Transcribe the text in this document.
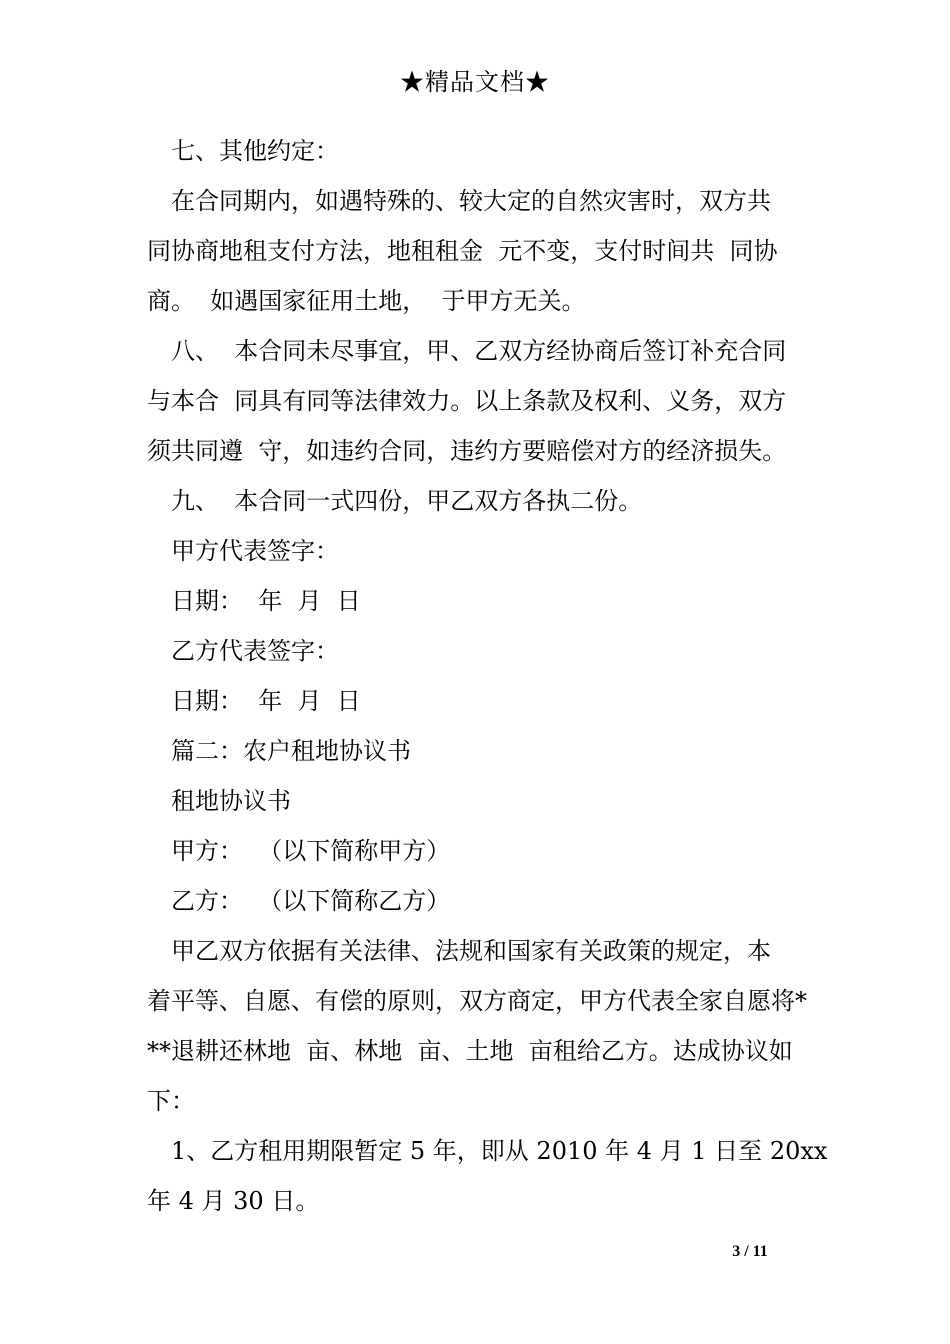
★精品文档★
七、其他约定：
在合同期内，如遇特殊的、较大定的自然灾害时，双方共
同协商地租支付方法，地租租金  元不变，支付时间共  同协
商。  如遇国家征用土地，  于甲方无关。
八、  本合同未尽事宜，甲、乙双方经协商后签订补充合同
与本合  同具有同等法律效力。以上条款及权利、义务，双方
须共同遵  守，如违约合同，违约方要赔偿对方的经济损失。
九、  本合同一式四份，甲乙双方各执二份。
甲方代表签字：
日期：  年  月  日
乙方代表签字：
日期：  年  月  日
篇二：农户租地协议书
租地协议书
甲方：  （以下简称甲方）
乙方：  （以下简称乙方）
甲乙双方依据有关法律、法规和国家有关政策的规定，本
着平等、自愿、有偿的原则，双方商定，甲方代表全家自愿将*
**退耕还林地  亩、林地  亩、土地  亩租给乙方。达成协议如
下：
1、乙方租用期限暂定 5 年，即从 2010 年 4 月 1 日至 20xx
年 4 月 30 日。
3 / 11
